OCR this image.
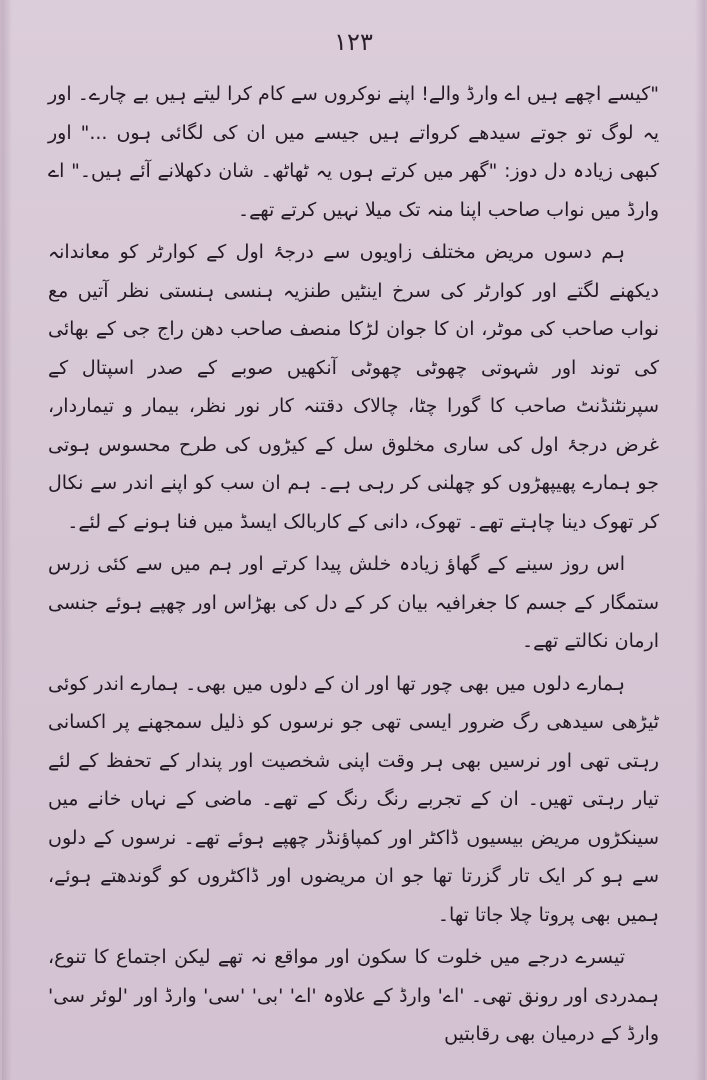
١٢٣

"کیسے اچھے ہیں اے وارڈ والے! اپنے نوکروں سے کام کرا لیتے ہیں بے چارے۔ اور یہ لوگ تو جوتے سیدھے کرواتے ہیں جیسے میں ان کی لگائی ہوں ..." اور کبھی زیادہ دل دوز: "گھر میں کرتے ہوں یہ ٹھاٹھ۔ شان دکھلانے آئے ہیں۔" اے وارڈ میں نواب صاحب اپنا منہ تک میلا نہیں کرتے تھے۔

ہم دسوں مریض مختلف زاویوں سے درجۂ اول کے کوارٹر کو معاندانہ دیکھنے لگتے اور کوارٹر کی سرخ اینٹیں طنزیہ ہنسی ہنستی نظر آتیں مع نواب صاحب کی موٹر، ان کا جوان لڑکا منصف صاحب دھن راج جی کے بھائی کی توند اور شہوتی چھوٹی چھوٹی آنکھیں صوبے کے صدر اسپتال کے سپرنٹنڈنٹ صاحب کا گورا چٹا، چالاک دقتنہ کار نور نظر، بیمار و تیماردار، غرض درجۂ اول کی ساری مخلوق سل کے کیڑوں کی طرح محسوس ہوتی جو ہمارے پھیپھڑوں کو چھلنی کر رہی ہے۔ ہم ان سب کو اپنے اندر سے نکال کر تھوک دینا چاہتے تھے۔ تھوک، دانی کے کاربالک ایسڈ میں فنا ہونے کے لئے۔

اس روز سینے کے گھاؤ زیادہ خلش پیدا کرتے اور ہم میں سے کئی زرس ستمگار کے جسم کا جغرافیہ بیان کر کے دل کی بھڑاس اور چھپے ہوئے جنسی ارمان نکالتے تھے۔

ہمارے دلوں میں بھی چور تھا اور ان کے دلوں میں بھی۔ ہمارے اندر کوئی ٹیڑھی سیدھی رگ ضرور ایسی تھی جو نرسوں کو ذلیل سمجھنے پر اکسانی رہتی تھی اور نرسیں بھی ہر وقت اپنی شخصیت اور پندار کے تحفظ کے لئے تیار رہتی تھیں۔ ان کے تجربے رنگ رنگ کے تھے۔ ماضی کے نہاں خانے میں سینکڑوں مریض بیسیوں ڈاکٹر اور کمپاؤنڈر چھپے ہوئے تھے۔ نرسوں کے دلوں سے ہو کر ایک تار گزرتا تھا جو ان مریضوں اور ڈاکٹروں کو گوندھتے ہوئے، ہمیں بھی پروتا چلا جاتا تھا۔

تیسرے درجے میں خلوت کا سکون اور مواقع نہ تھے لیکن اجتماع کا تنوع، ہمدردی اور رونق تھی۔ 'اے' وارڈ کے علاوہ 'اے' 'بی' 'سی' وارڈ اور 'لوئر سی' وارڈ کے درمیان بھی رقابتیں
